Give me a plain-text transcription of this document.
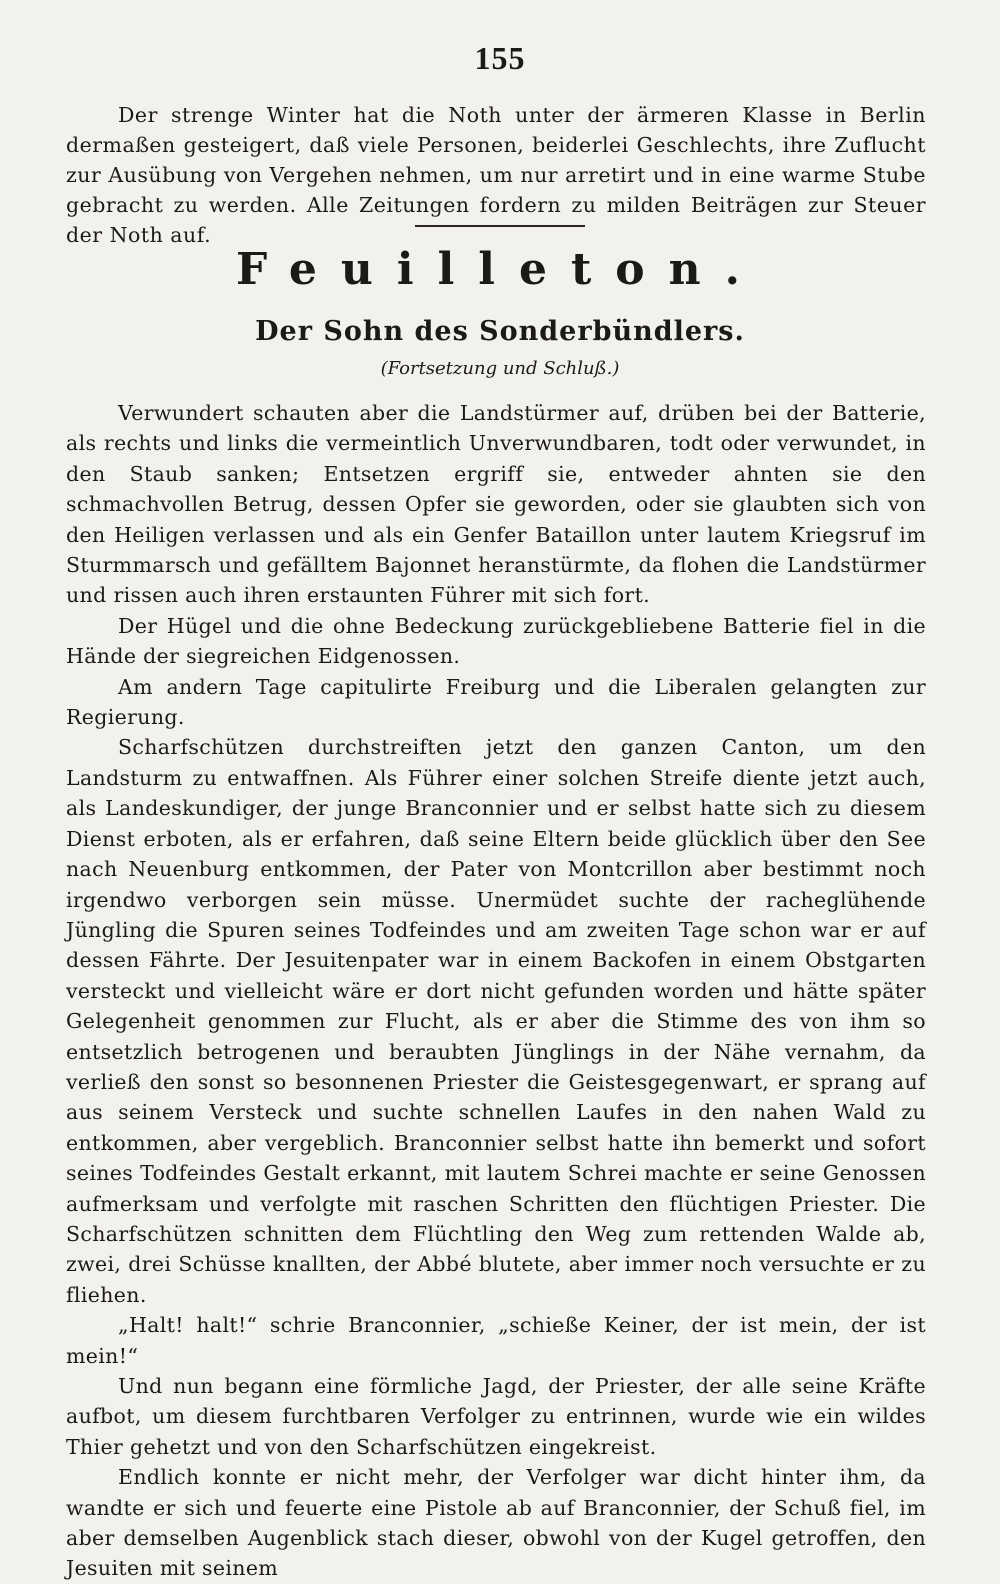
155
Der strenge Winter hat die Noth unter der ärmeren Klasse in Berlin dermaßen gesteigert, daß viele Personen, beiderlei Geschlechts, ihre Zuflucht zur Ausübung von Vergehen nehmen, um nur arretirt und in eine warme Stube gebracht zu werden. Alle Zeitungen fordern zu milden Beiträgen zur Steuer der Noth auf.
Feuilleton.
Der Sohn des Sonderbündlers.
(Fortsetzung und Schluß.)

Verwundert schauten aber die Landstürmer auf, drüben bei der Batterie, als rechts und links die vermeintlich Unverwundbaren, todt oder verwundet, in den Staub sanken; Entsetzen ergriff sie, entweder ahnten sie den schmachvollen Betrug, dessen Opfer sie geworden, oder sie glaubten sich von den Heiligen verlassen und als ein Genfer Bataillon unter lautem Kriegsruf im Sturmmarsch und gefälltem Bajonnet heranstürmte, da flohen die Landstürmer und rissen auch ihren erstaunten Führer mit sich fort.

Der Hügel und die ohne Bedeckung zurückgebliebene Batterie fiel in die Hände der siegreichen Eidgenossen.

Am andern Tage capitulirte Freiburg und die Liberalen gelangten zur Regierung.

Scharfschützen durchstreiften jetzt den ganzen Canton, um den Landsturm zu entwaffnen. Als Führer einer solchen Streife diente jetzt auch, als Landeskundiger, der junge Branconnier und er selbst hatte sich zu diesem Dienst erboten, als er erfahren, daß seine Eltern beide glücklich über den See nach Neuenburg entkommen, der Pater von Montcrillon aber bestimmt noch irgendwo verborgen sein müsse. Unermüdet suchte der racheglühende Jüngling die Spuren seines Todfeindes und am zweiten Tage schon war er auf dessen Fährte. Der Jesuitenpater war in einem Backofen in einem Obstgarten versteckt und vielleicht wäre er dort nicht gefunden worden und hätte später Gelegenheit genommen zur Flucht, als er aber die Stimme des von ihm so entsetzlich betrogenen und beraubten Jünglings in der Nähe vernahm, da verließ den sonst so besonnenen Priester die Geistesgegenwart, er sprang auf aus seinem Versteck und suchte schnellen Laufes in den nahen Wald zu entkommen, aber vergeblich. Branconnier selbst hatte ihn bemerkt und sofort seines Todfeindes Gestalt erkannt, mit lautem Schrei machte er seine Genossen aufmerksam und verfolgte mit raschen Schritten den flüchtigen Priester. Die Scharfschützen schnitten dem Flüchtling den Weg zum rettenden Walde ab, zwei, drei Schüsse knallten, der Abbé blutete, aber immer noch versuchte er zu fliehen.

„Halt! halt!“ schrie Branconnier, „schieße Keiner, der ist mein, der ist mein!“

Und nun begann eine förmliche Jagd, der Priester, der alle seine Kräfte aufbot, um diesem furchtbaren Verfolger zu entrinnen, wurde wie ein wildes Thier gehetzt und von den Scharfschützen eingekreist.

Endlich konnte er nicht mehr, der Verfolger war dicht hinter ihm, da wandte er sich und feuerte eine Pistole ab auf Branconnier, der Schuß fiel, im aber demselben Augenblick stach dieser, obwohl von der Kugel getroffen, den Jesuiten mit seinem
